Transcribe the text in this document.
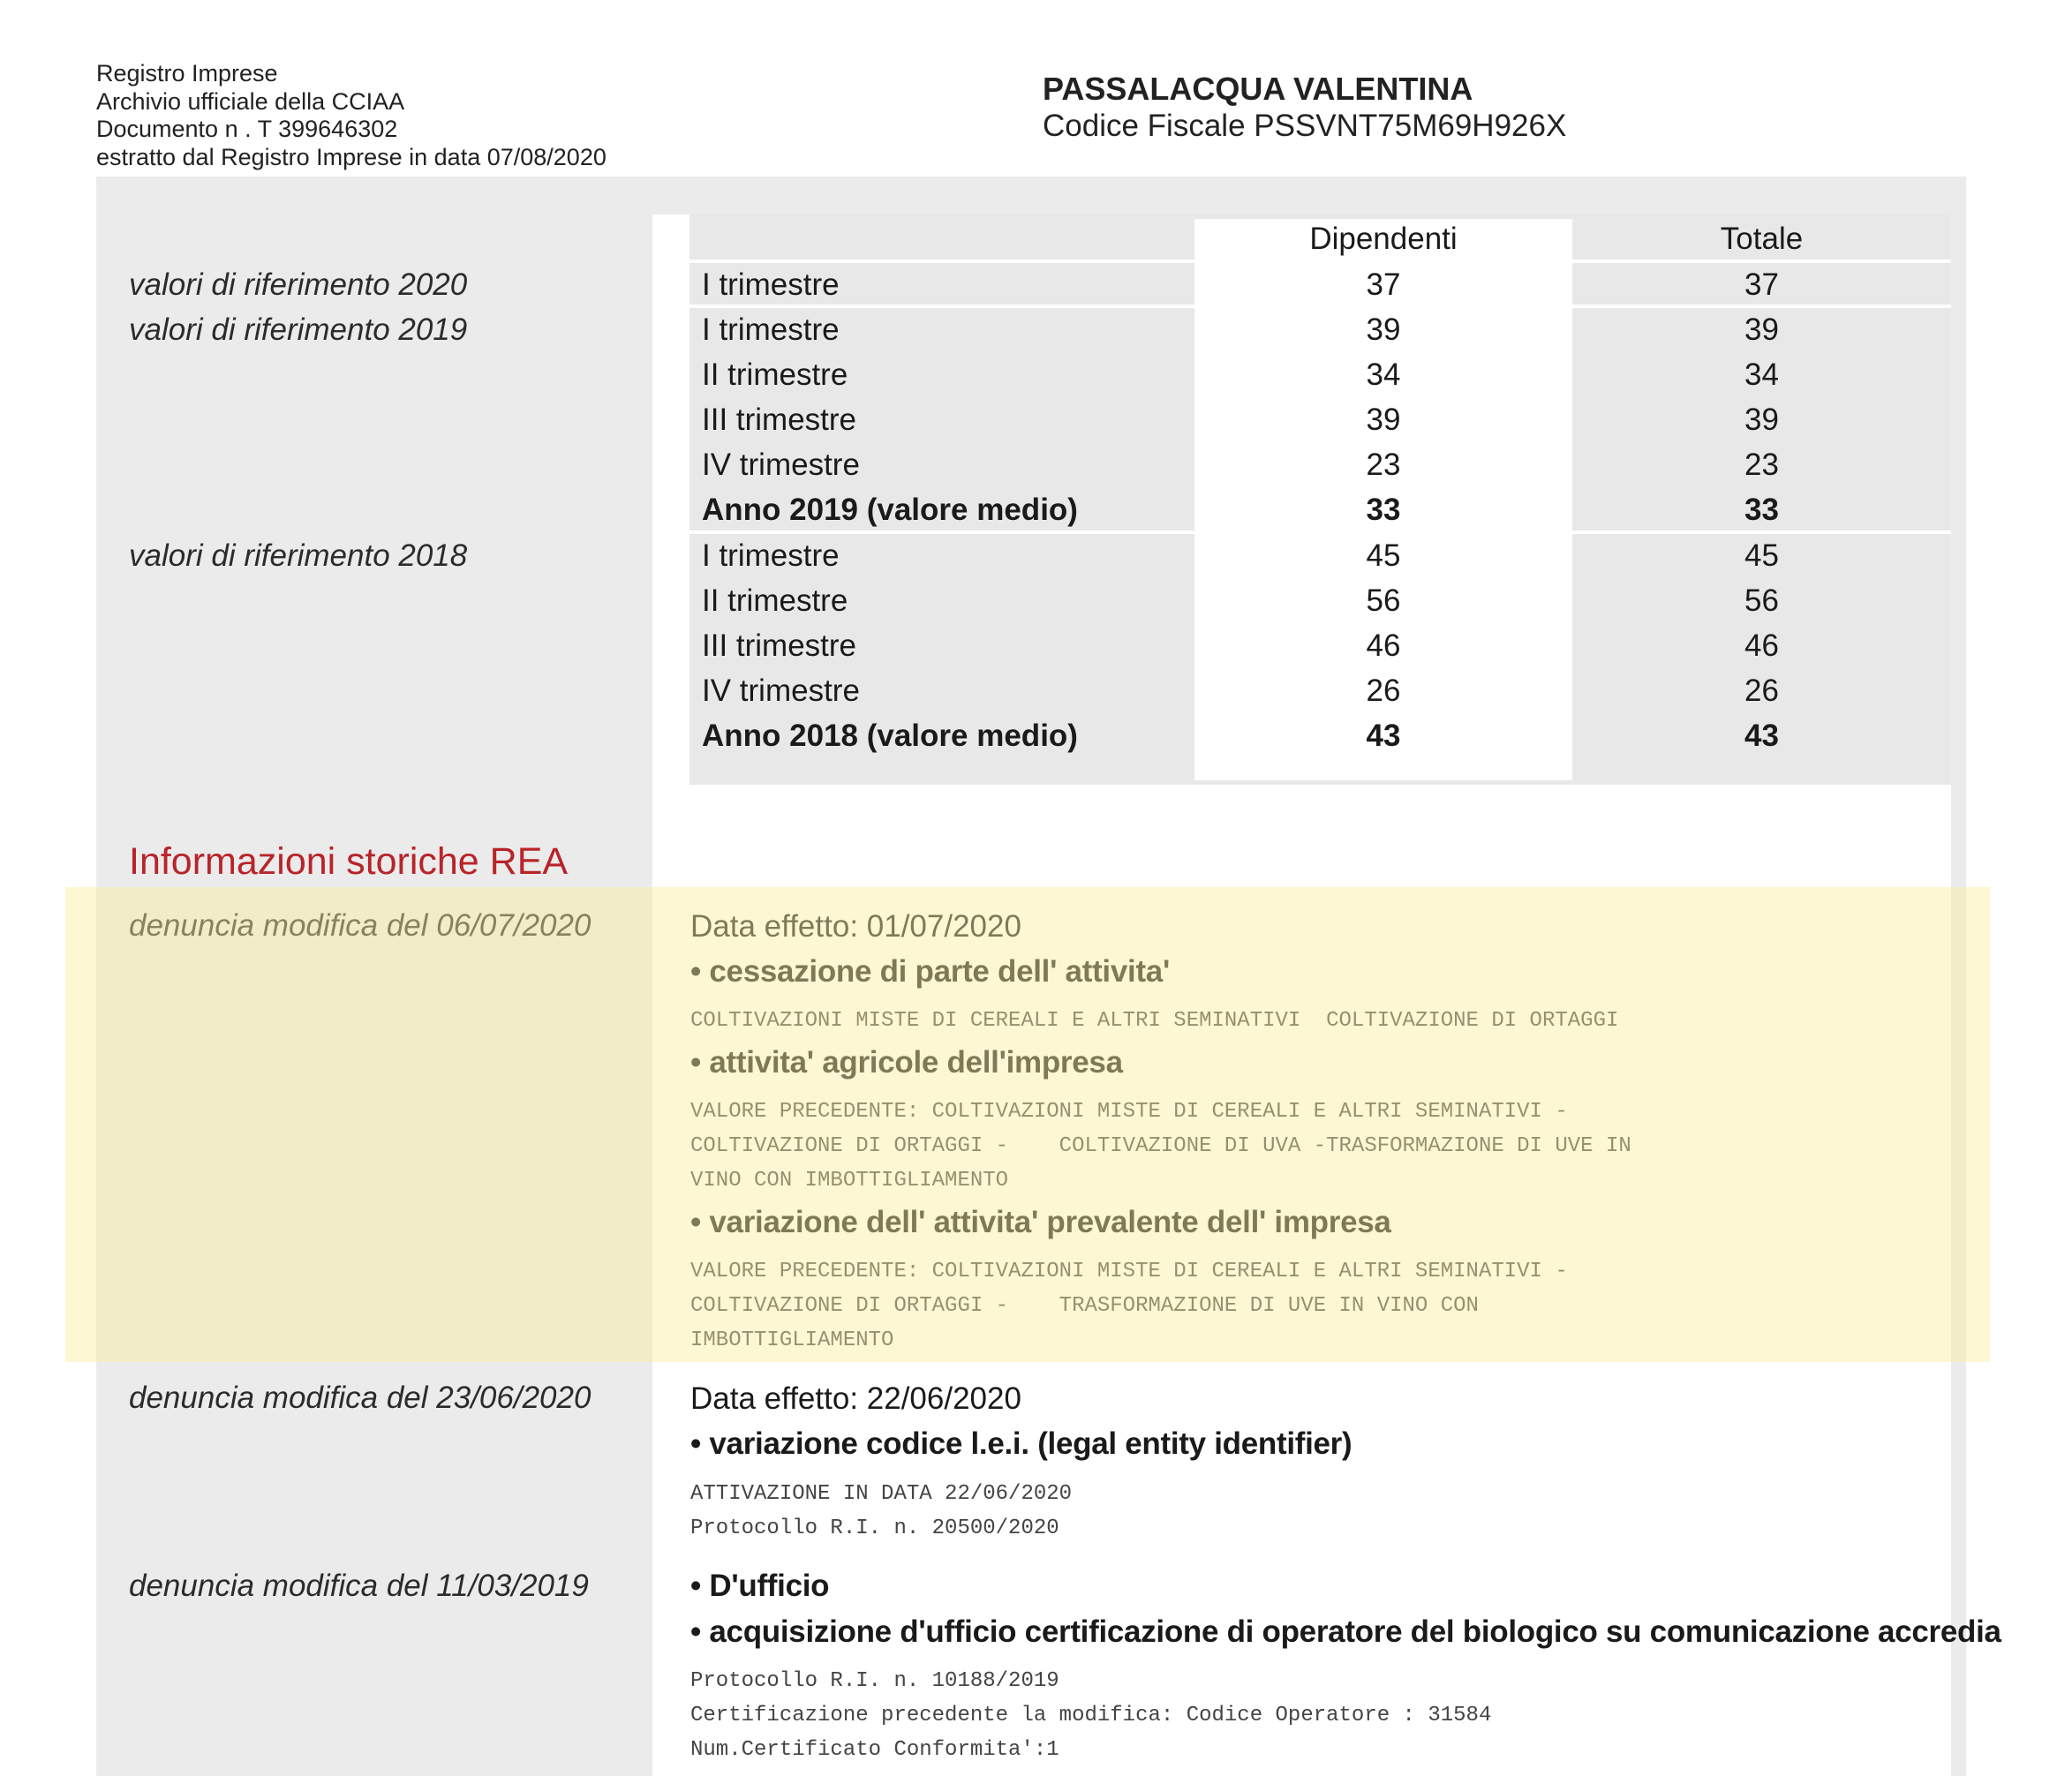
Registro Imprese
Archivio ufficiale della CCIAA
Documento n . T 399646302
estratto dal Registro Imprese in data 07/08/2020
PASSALACQUA VALENTINA
Codice Fiscale PSSVNT75M69H926X
Dipendenti	Totale
valori di riferimento 2020
valori di riferimento 2019
valori di riferimento 2018
I trimestre	37	37
I trimestre	39	39
II trimestre	34	34
III trimestre	39	39
IV trimestre	23	23
Anno 2019 (valore medio)	33	33
I trimestre	45	45
II trimestre	56	56
III trimestre	46	46
IV trimestre	26	26
Anno 2018 (valore medio)	43	43
Informazioni storiche REA
denuncia modifica del 06/07/2020	Data effetto: 01/07/2020
• cessazione di parte dell' attivita'
COLTIVAZIONI MISTE DI CEREALI E ALTRI SEMINATIVI  COLTIVAZIONE DI ORTAGGI
• attivita' agricole dell'impresa
VALORE PRECEDENTE: COLTIVAZIONI MISTE DI CEREALI E ALTRI SEMINATIVI -
COLTIVAZIONE DI ORTAGGI -    COLTIVAZIONE DI UVA -TRASFORMAZIONE DI UVE IN
VINO CON IMBOTTIGLIAMENTO
• variazione dell' attivita' prevalente dell' impresa
VALORE PRECEDENTE: COLTIVAZIONI MISTE DI CEREALI E ALTRI SEMINATIVI -
COLTIVAZIONE DI ORTAGGI -    TRASFORMAZIONE DI UVE IN VINO CON
IMBOTTIGLIAMENTO
denuncia modifica del 23/06/2020	Data effetto: 22/06/2020
• variazione codice l.e.i. (legal entity identifier)
ATTIVAZIONE IN DATA 22/06/2020
Protocollo R.I. n. 20500/2020
denuncia modifica del 11/03/2019	• D'ufficio
• acquisizione d'ufficio certificazione di operatore del biologico su comunicazione accredia
Protocollo R.I. n. 10188/2019
Certificazione precedente la modifica: Codice Operatore : 31584
Num.Certificato Conformita':1
